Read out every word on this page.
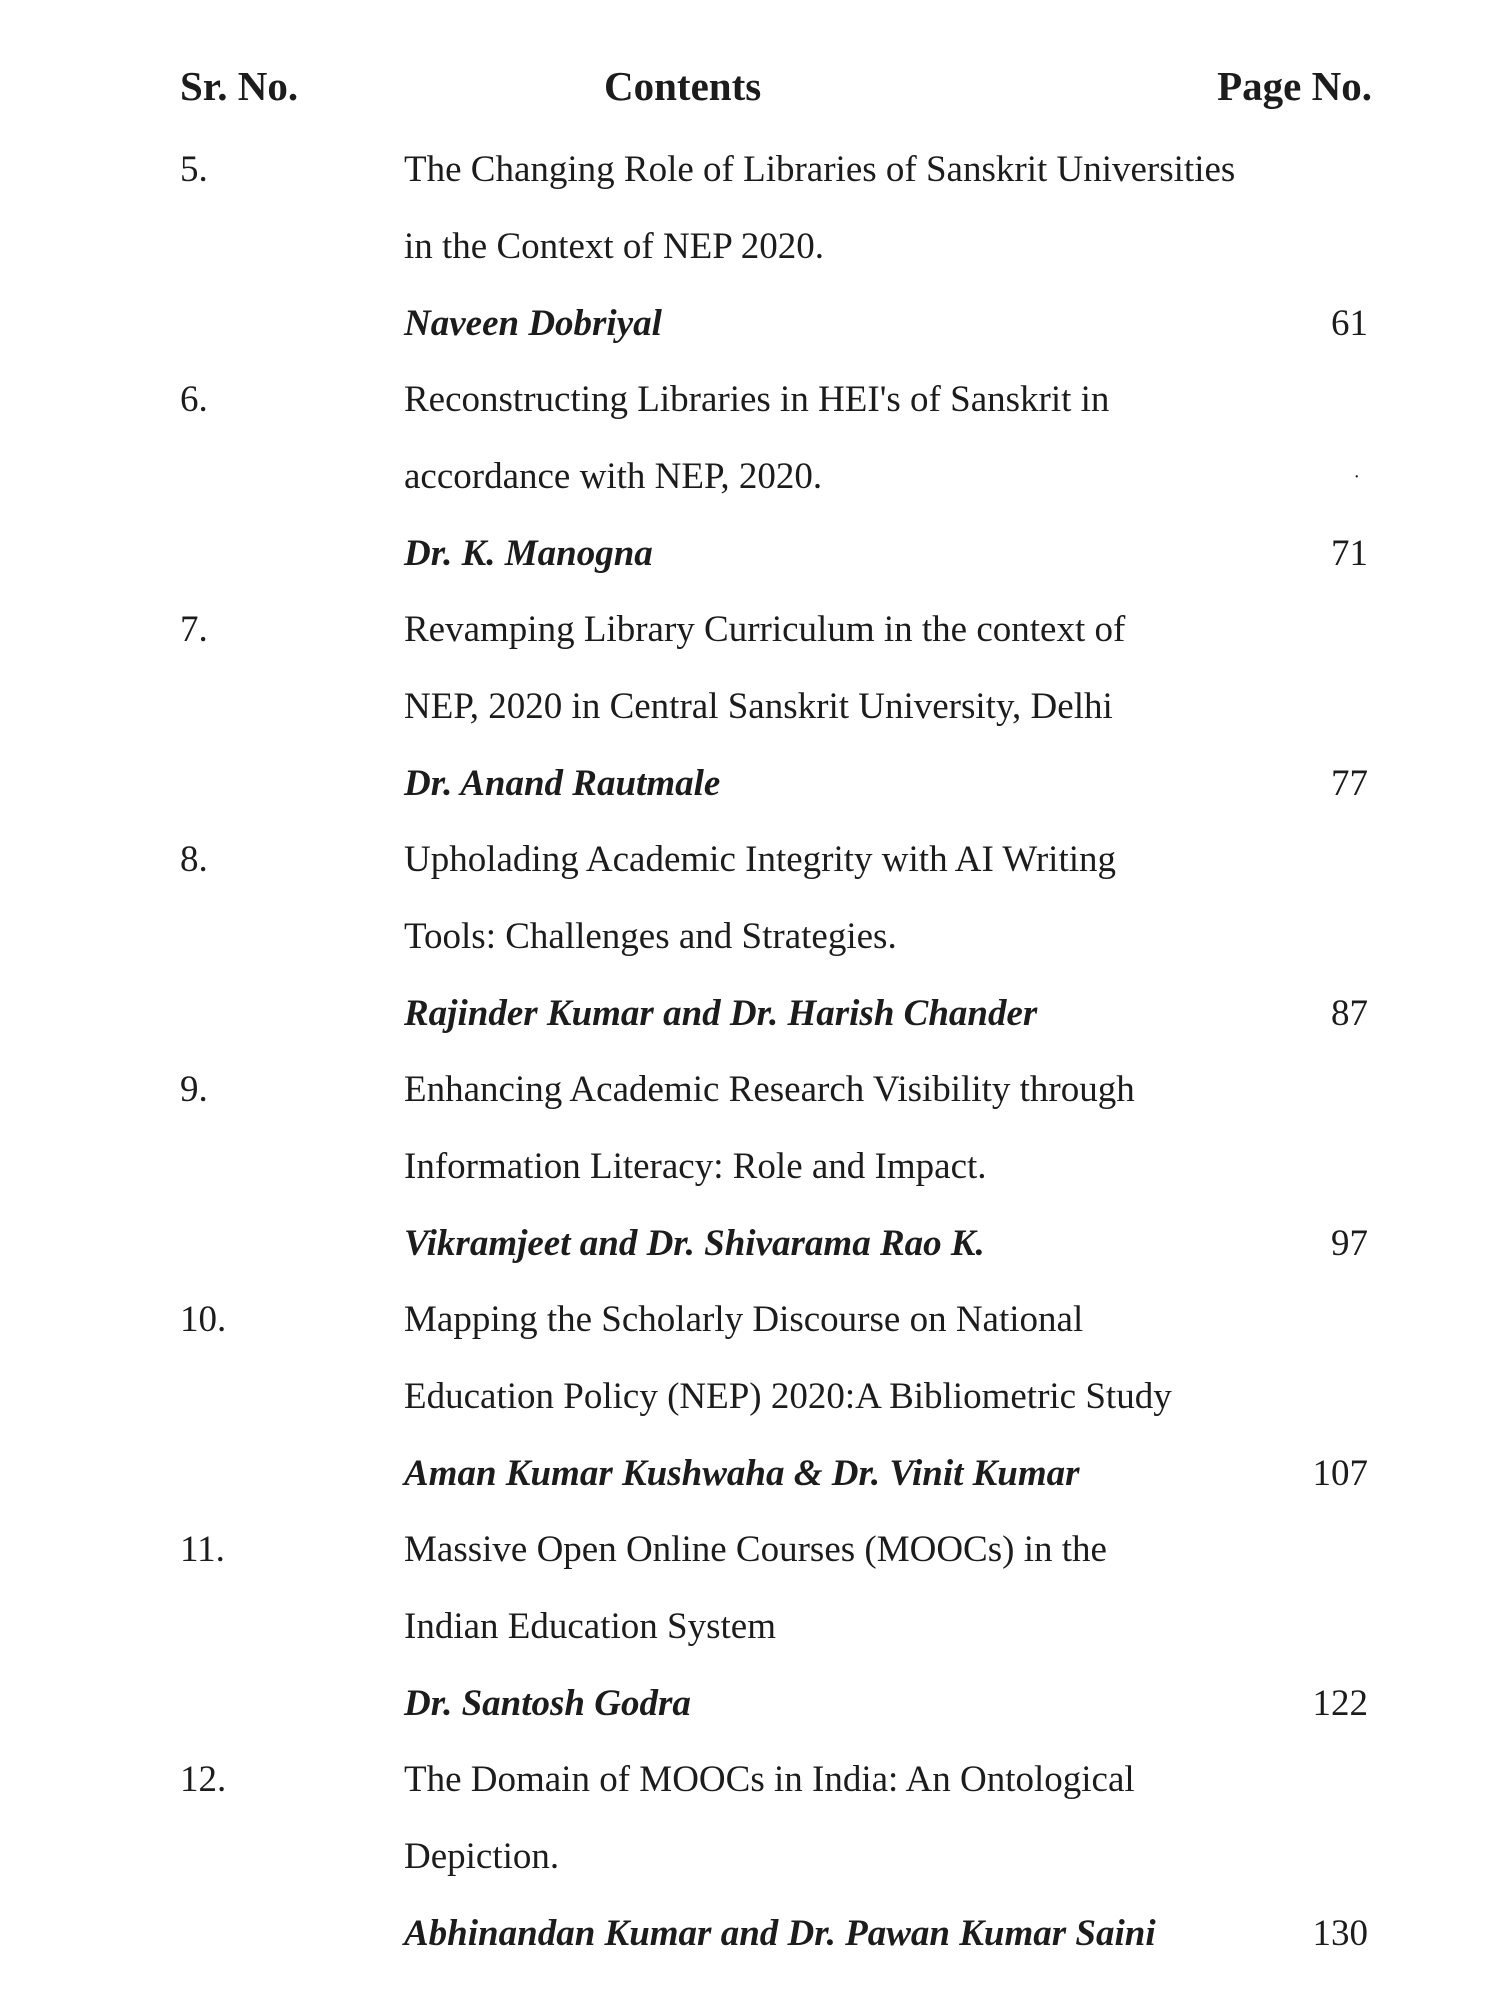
Sr. No.	Contents	Page No.
5.	The Changing Role of Libraries of Sanskrit Universities
in the Context of NEP 2020.
Naveen Dobriyal	61
6.	Reconstructing Libraries in HEI's of Sanskrit in
accordance with NEP, 2020.	·
Dr. K. Manogna	71
7.	Revamping Library Curriculum in the context of
NEP, 2020 in Central Sanskrit University, Delhi
Dr. Anand Rautmale	77
8.	Upholading Academic Integrity with AI Writing
Tools: Challenges and Strategies.
Rajinder Kumar and Dr. Harish Chander	87
9.	Enhancing Academic Research Visibility through
Information Literacy: Role and Impact.
Vikramjeet and Dr. Shivarama Rao K.	97
10.	Mapping the Scholarly Discourse on National
Education Policy (NEP) 2020:A Bibliometric Study
Aman Kumar Kushwaha & Dr. Vinit Kumar	107
11.	Massive Open Online Courses (MOOCs) in the
Indian Education System
Dr. Santosh Godra	122
12.	The Domain of MOOCs in India: An Ontological
Depiction.
Abhinandan Kumar and Dr. Pawan Kumar Saini	130
